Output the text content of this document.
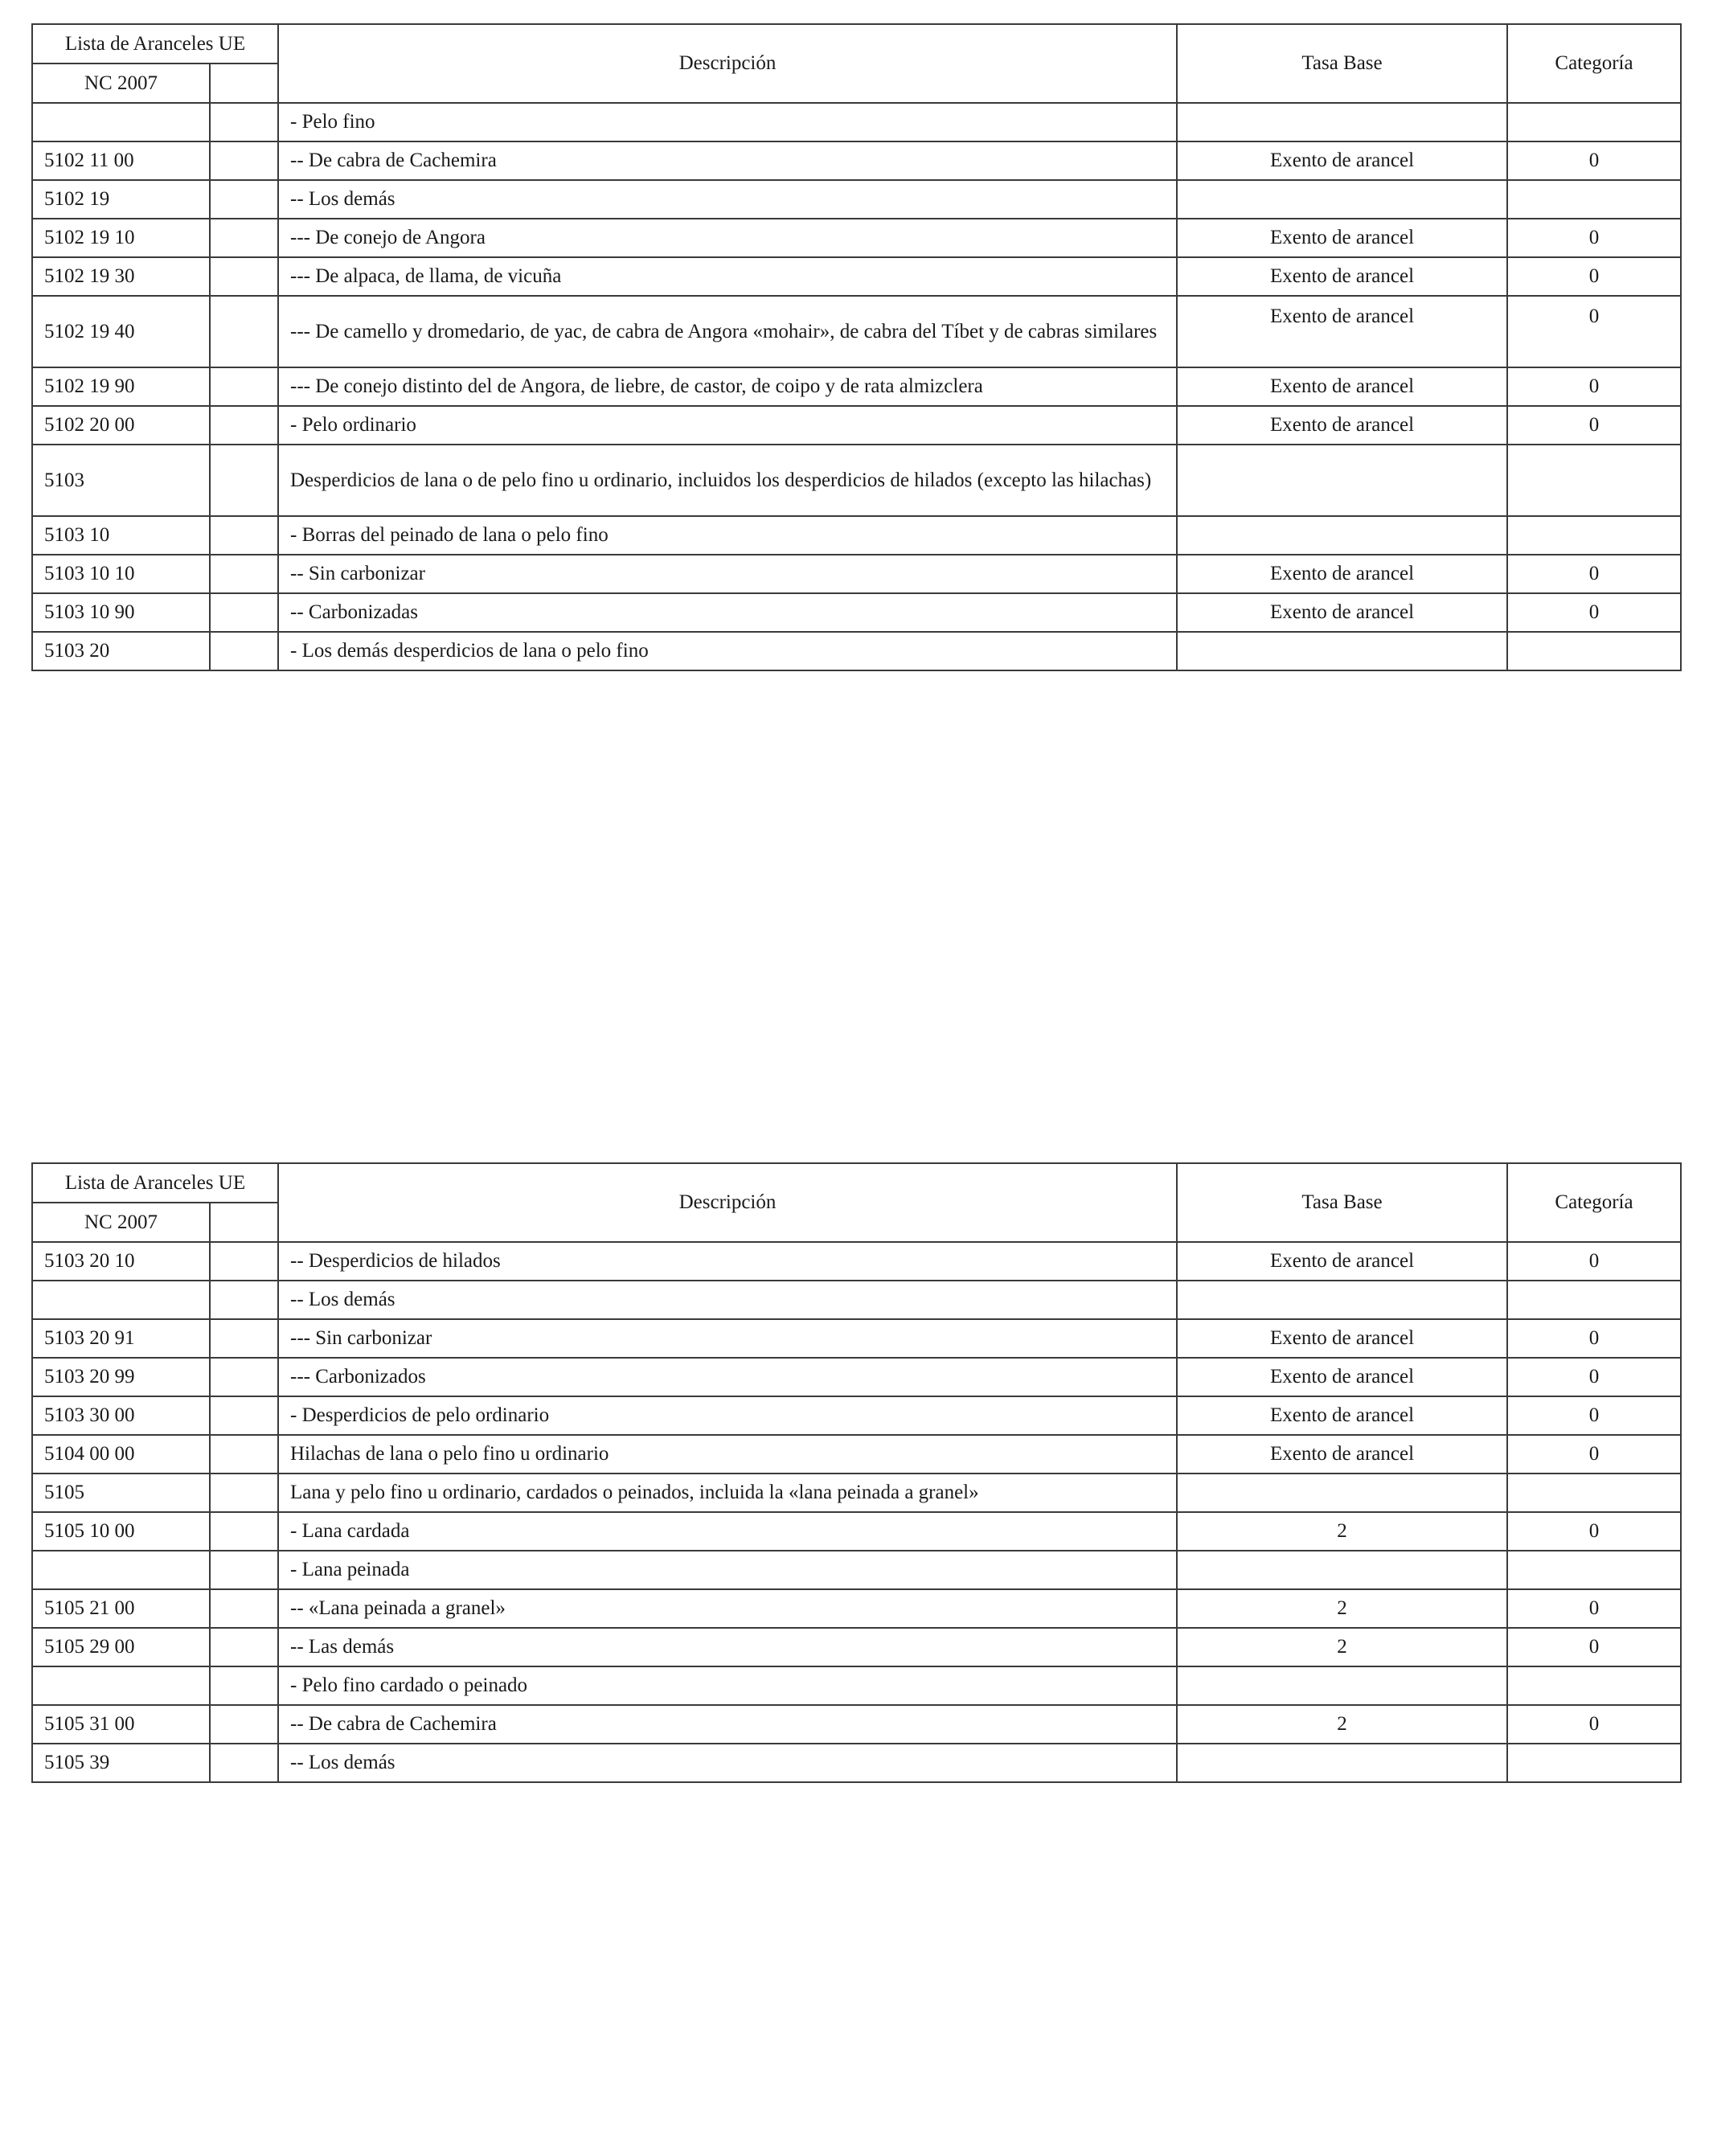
Lista de Aranceles UE		Descripción	Tasa Base	Categoría
NC 2007				
		- Pelo fino		
5102 11 00		-- De cabra de Cachemira	Exento de arancel	0
5102 19		-- Los demás		
5102 19 10		--- De conejo de Angora	Exento de arancel	0
5102 19 30		--- De alpaca, de llama, de vicuña	Exento de arancel	0
5102 19 40		--- De camello y dromedario, de yac, de cabra de Angora «mohair», de cabra del Tíbet y de cabras similares	Exento de arancel	0
5102 19 90		--- De conejo distinto del de Angora, de liebre, de castor, de coipo y de rata almizclera	Exento de arancel	0
5102 20 00		- Pelo ordinario	Exento de arancel	0
5103		Desperdicios de lana o de pelo fino u ordinario, incluidos los desperdicios de hilados (excepto las hilachas)		
5103 10		- Borras del peinado de lana o pelo fino		
5103 10 10		-- Sin carbonizar	Exento de arancel	0
5103 10 90		-- Carbonizadas	Exento de arancel	0
5103 20		- Los demás desperdicios de lana o pelo fino		
Lista de Aranceles UE		Descripción	Tasa Base	Categoría
NC 2007				
5103 20 10		-- Desperdicios de hilados	Exento de arancel	0
		-- Los demás		
5103 20 91		--- Sin carbonizar	Exento de arancel	0
5103 20 99		--- Carbonizados	Exento de arancel	0
5103 30 00		- Desperdicios de pelo ordinario	Exento de arancel	0
5104 00 00		Hilachas de lana o pelo fino u ordinario	Exento de arancel	0
5105		Lana y pelo fino u ordinario, cardados o peinados, incluida la «lana peinada a granel»		
5105 10 00		- Lana cardada	2	0
		- Lana peinada		
5105 21 00		-- «Lana peinada a granel»	2	0
5105 29 00		-- Las demás	2	0
		- Pelo fino cardado o peinado		
5105 31 00		-- De cabra de Cachemira	2	0
5105 39		-- Los demás		
